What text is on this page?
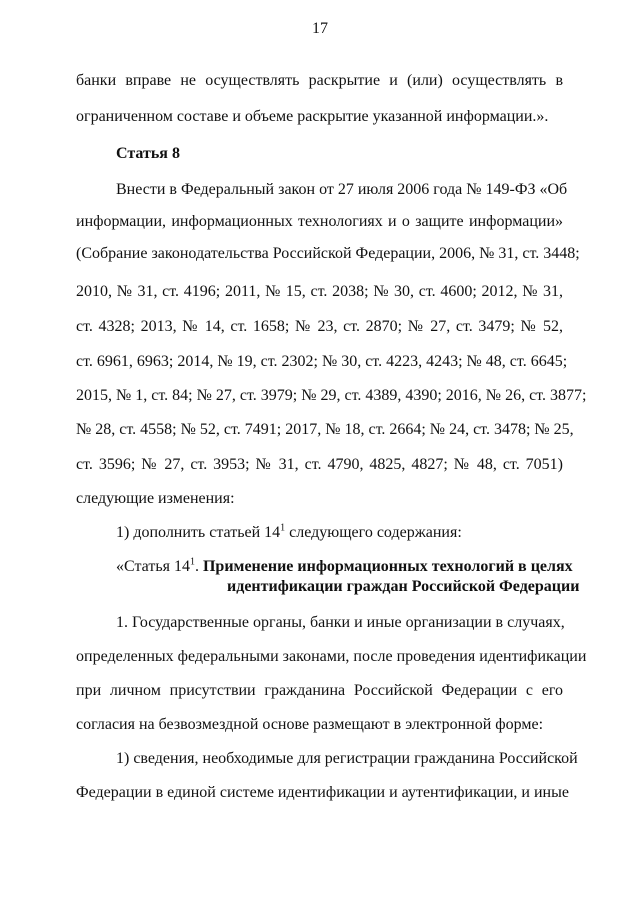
17
банки вправе не осуществлять раскрытие и (или) осуществлять в
ограниченном составе и объеме раскрытие указанной информации.».
Статья 8
Внести в Федеральный закон от 27 июля 2006 года № 149-ФЗ «Об
информации, информационных технологиях и о защите информации»
(Собрание законодательства Российской Федерации, 2006, № 31, ст. 3448;
2010, № 31, ст. 4196; 2011, № 15, ст. 2038; № 30, ст. 4600; 2012, № 31,
ст. 4328; 2013, № 14, ст. 1658; № 23, ст. 2870; № 27, ст. 3479; № 52,
ст. 6961, 6963; 2014, № 19, ст. 2302; № 30, ст. 4223, 4243; № 48, ст. 6645;
2015, № 1, ст. 84; № 27, ст. 3979; № 29, ст. 4389, 4390; 2016, № 26, ст. 3877;
№ 28, ст. 4558; № 52, ст. 7491; 2017, № 18, ст. 2664; № 24, ст. 3478; № 25,
ст. 3596; № 27, ст. 3953; № 31, ст. 4790, 4825, 4827; № 48, ст. 7051)
следующие изменения:
1) дополнить статьей $14^1$ следующего содержания:
«Статья $14^1$. Применение информационных технологий в целях
идентификации граждан Российской Федерации
1. Государственные органы, банки и иные организации в случаях,
определенных федеральными законами, после проведения идентификации
при личном присутствии гражданина Российской Федерации с его
согласия на безвозмездной основе размещают в электронной форме:
1) сведения, необходимые для регистрации гражданина Российской
Федерации в единой системе идентификации и аутентификации, и иные
